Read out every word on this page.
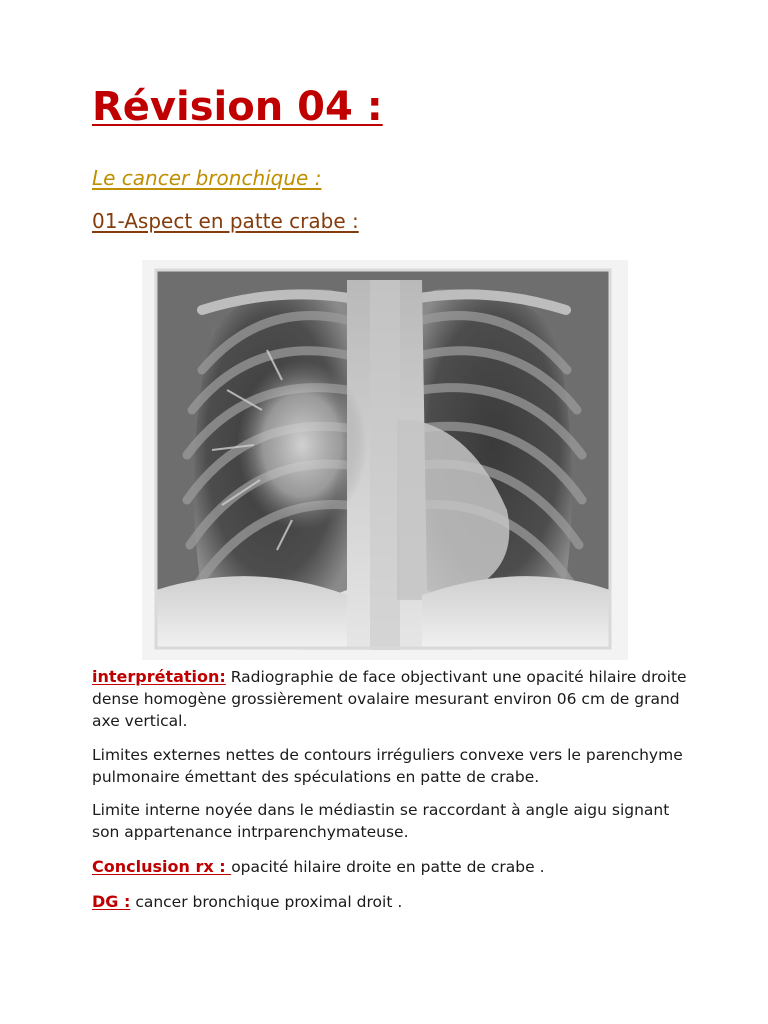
Révision 04 :

Le cancer bronchique :

01-Aspect en patte crabe :

interprétation: Radiographie de face objectivant une opacité hilaire droite dense homogène grossièrement ovalaire mesurant environ 06 cm de grand axe vertical.

Limites externes nettes de contours irréguliers convexe vers le parenchyme pulmonaire émettant des spéculations en patte de crabe.

Limite interne noyée dans le médiastin se raccordant à angle aigu signant son appartenance intrparenchymateuse.

Conclusion rx : opacité hilaire droite en patte de crabe .

DG : cancer bronchique proximal droit .
